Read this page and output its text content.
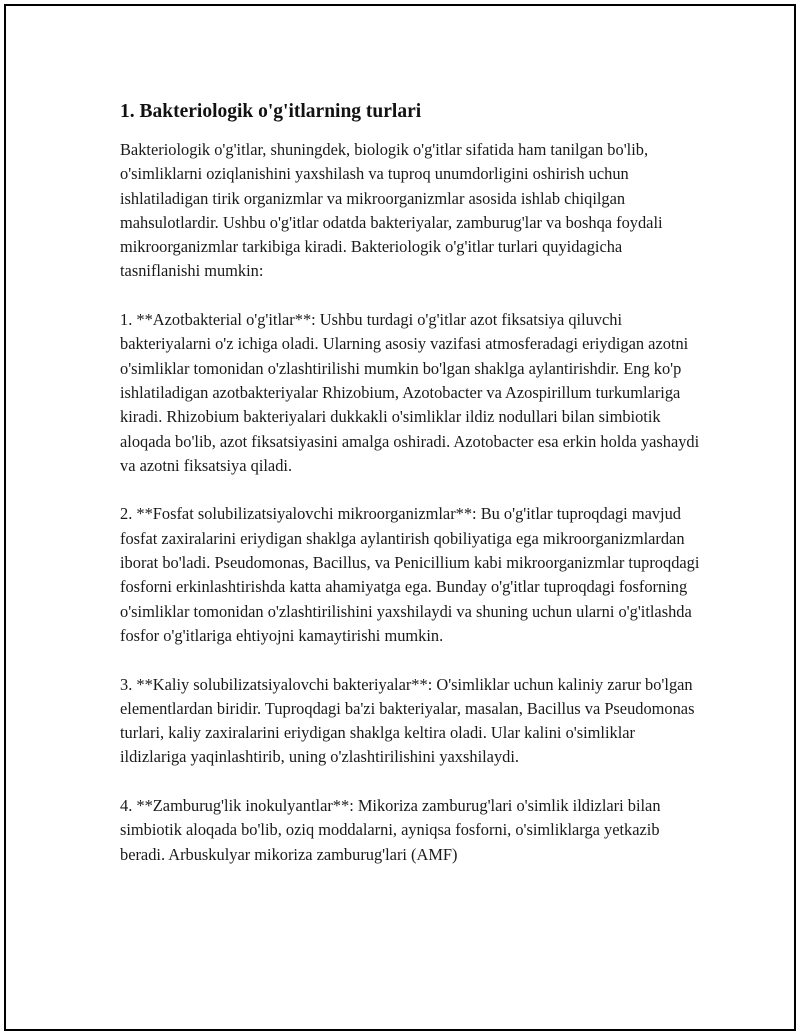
1. Bakteriologik o'g'itlarning turlari

Bakteriologik o'g'itlar, shuningdek, biologik o'g'itlar sifatida ham tanilgan bo'lib, o'simliklarni oziqlanishini yaxshilash va tuproq unumdorligini oshirish uchun ishlatiladigan tirik organizmlar va mikroorganizmlar asosida ishlab chiqilgan mahsulotlardir. Ushbu o'g'itlar odatda bakteriyalar, zamburug'lar va boshqa foydali mikroorganizmlar tarkibiga kiradi. Bakteriologik o'g'itlar turlari quyidagicha tasniflanishi mumkin:

1. **Azotbakterial o'g'itlar**: Ushbu turdagi o'g'itlar azot fiksatsiya qiluvchi bakteriyalarni o'z ichiga oladi. Ularning asosiy vazifasi atmosferadagi eriydigan azotni o'simliklar tomonidan o'zlashtirilishi mumkin bo'lgan shaklga aylantirishdir. Eng ko'p ishlatiladigan azotbakteriyalar Rhizobium, Azotobacter va Azospirillum turkumlariga kiradi. Rhizobium bakteriyalari dukkakli o'simliklar ildiz nodullari bilan simbiotik aloqada bo'lib, azot fiksatsiyasini amalga oshiradi. Azotobacter esa erkin holda yashaydi va azotni fiksatsiya qiladi.

2. **Fosfat solubilizatsiyalovchi mikroorganizmlar**: Bu o'g'itlar tuproqdagi mavjud fosfat zaxiralarini eriydigan shaklga aylantirish qobiliyatiga ega mikroorganizmlardan iborat bo'ladi. Pseudomonas, Bacillus, va Penicillium kabi mikroorganizmlar tuproqdagi fosforni erkinlashtirishda katta ahamiyatga ega. Bunday o'g'itlar tuproqdagi fosforning o'simliklar tomonidan o'zlashtirilishini yaxshilaydi va shuning uchun ularni o'g'itlashda fosfor o'g'itlariga ehtiyojni kamaytirishi mumkin.

3. **Kaliy solubilizatsiyalovchi bakteriyalar**: O'simliklar uchun kaliniy zarur bo'lgan elementlardan biridir. Tuproqdagi ba'zi bakteriyalar, masalan, Bacillus va Pseudomonas turlari, kaliy zaxiralarini eriydigan shaklga keltira oladi. Ular kalini o'simliklar ildizlariga yaqinlashtirib, uning o'zlashtirilishini yaxshilaydi.

4. **Zamburug'lik inokulyantlar**: Mikoriza zamburug'lari o'simlik ildizlari bilan simbiotik aloqada bo'lib, oziq moddalarni, ayniqsa fosforni, o'simliklarga yetkazib beradi. Arbuskulyar mikoriza zamburug'lari (AMF)
